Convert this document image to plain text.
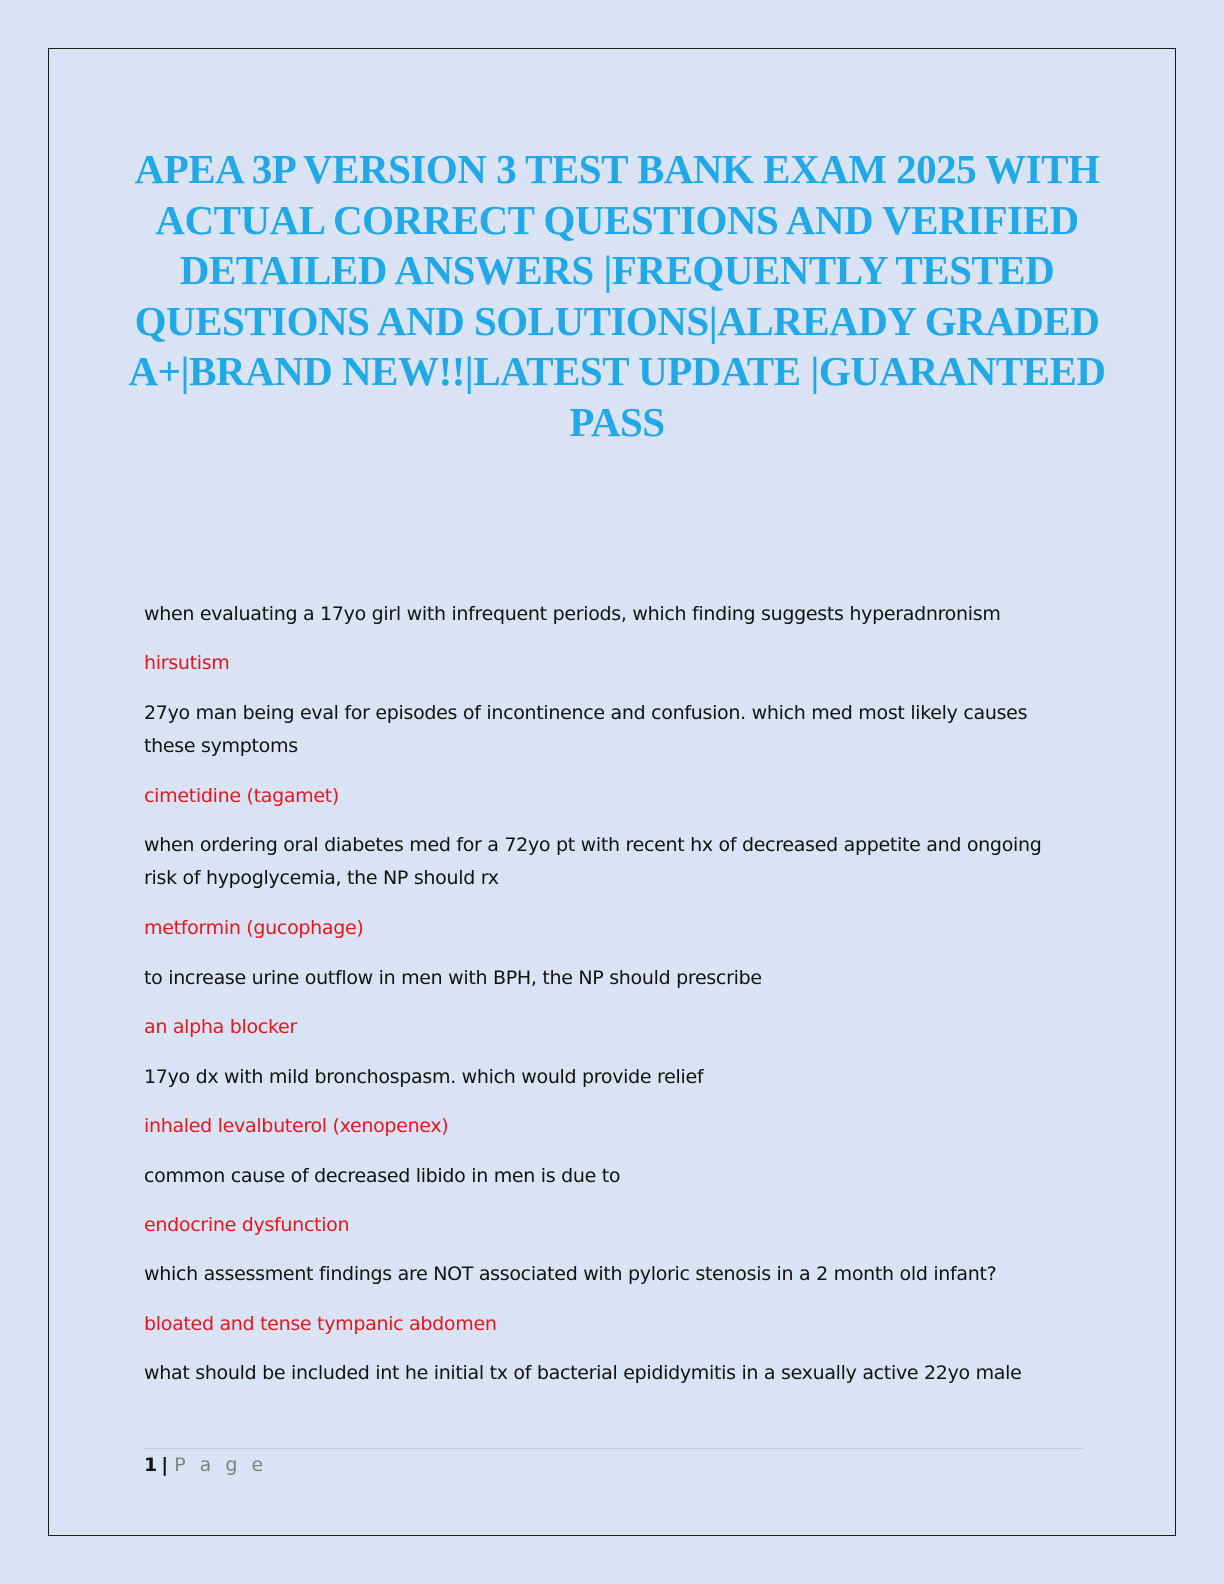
APEA 3P VERSION 3 TEST BANK EXAM 2025 WITH ACTUAL CORRECT QUESTIONS AND VERIFIED DETAILED ANSWERS |FREQUENTLY TESTED QUESTIONS AND SOLUTIONS|ALREADY GRADED A+|BRAND NEW!!|LATEST UPDATE |GUARANTEED PASS

when evaluating a 17yo girl with infrequent periods, which finding suggests hyperadnronism

hirsutism

27yo man being eval for episodes of incontinence and confusion. which med most likely causes these symptoms

cimetidine (tagamet)

when ordering oral diabetes med for a 72yo pt with recent hx of decreased appetite and ongoing risk of hypoglycemia, the NP should rx

metformin (gucophage)

to increase urine outflow in men with BPH, the NP should prescribe

an alpha blocker

17yo dx with mild bronchospasm. which would provide relief

inhaled levalbuterol (xenopenex)

common cause of decreased libido in men is due to

endocrine dysfunction

which assessment findings are NOT associated with pyloric stenosis in a 2 month old infant?

bloated and tense tympanic abdomen

what should be included int he initial tx of bacterial epididymitis in a sexually active 22yo male

1 | P a g e
